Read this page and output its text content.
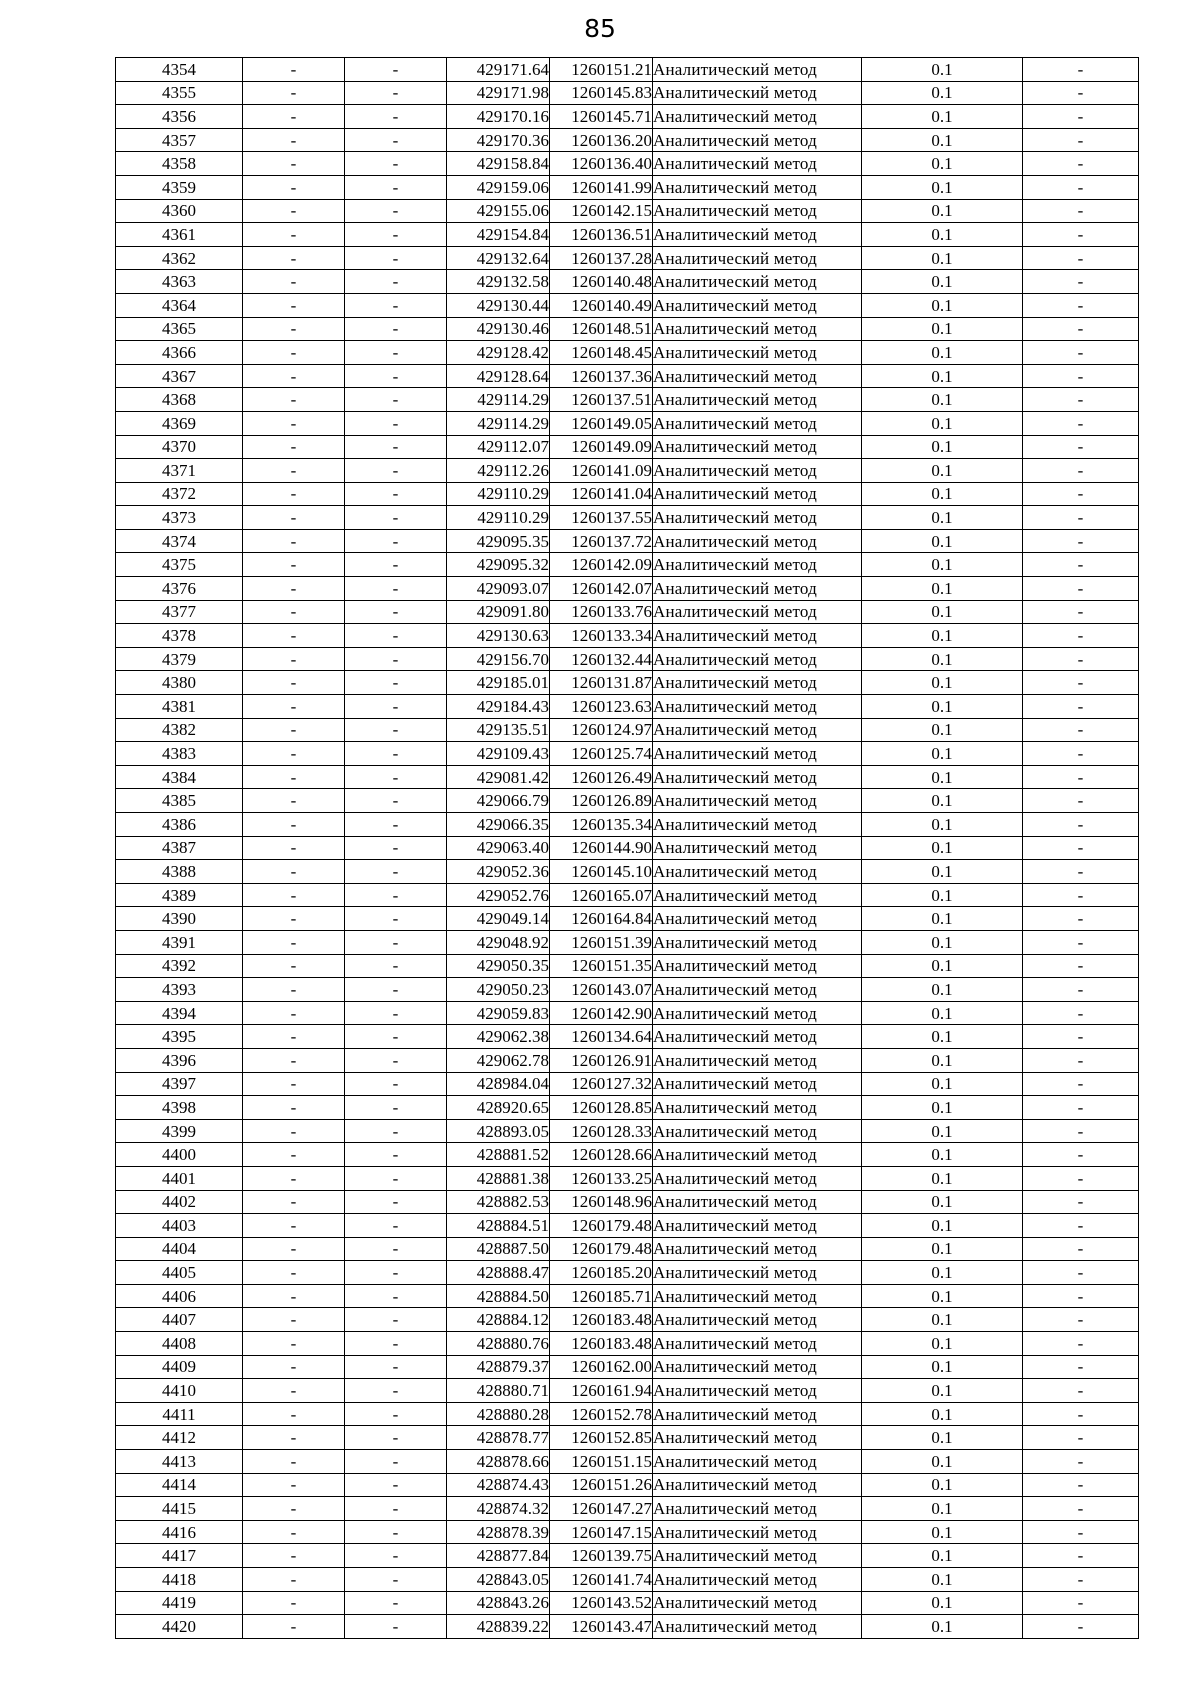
85
4354	-	-	429171.64	1260151.21	Аналитический метод	0.1	-
4355	-	-	429171.98	1260145.83	Аналитический метод	0.1	-
4356	-	-	429170.16	1260145.71	Аналитический метод	0.1	-
4357	-	-	429170.36	1260136.20	Аналитический метод	0.1	-
4358	-	-	429158.84	1260136.40	Аналитический метод	0.1	-
4359	-	-	429159.06	1260141.99	Аналитический метод	0.1	-
4360	-	-	429155.06	1260142.15	Аналитический метод	0.1	-
4361	-	-	429154.84	1260136.51	Аналитический метод	0.1	-
4362	-	-	429132.64	1260137.28	Аналитический метод	0.1	-
4363	-	-	429132.58	1260140.48	Аналитический метод	0.1	-
4364	-	-	429130.44	1260140.49	Аналитический метод	0.1	-
4365	-	-	429130.46	1260148.51	Аналитический метод	0.1	-
4366	-	-	429128.42	1260148.45	Аналитический метод	0.1	-
4367	-	-	429128.64	1260137.36	Аналитический метод	0.1	-
4368	-	-	429114.29	1260137.51	Аналитический метод	0.1	-
4369	-	-	429114.29	1260149.05	Аналитический метод	0.1	-
4370	-	-	429112.07	1260149.09	Аналитический метод	0.1	-
4371	-	-	429112.26	1260141.09	Аналитический метод	0.1	-
4372	-	-	429110.29	1260141.04	Аналитический метод	0.1	-
4373	-	-	429110.29	1260137.55	Аналитический метод	0.1	-
4374	-	-	429095.35	1260137.72	Аналитический метод	0.1	-
4375	-	-	429095.32	1260142.09	Аналитический метод	0.1	-
4376	-	-	429093.07	1260142.07	Аналитический метод	0.1	-
4377	-	-	429091.80	1260133.76	Аналитический метод	0.1	-
4378	-	-	429130.63	1260133.34	Аналитический метод	0.1	-
4379	-	-	429156.70	1260132.44	Аналитический метод	0.1	-
4380	-	-	429185.01	1260131.87	Аналитический метод	0.1	-
4381	-	-	429184.43	1260123.63	Аналитический метод	0.1	-
4382	-	-	429135.51	1260124.97	Аналитический метод	0.1	-
4383	-	-	429109.43	1260125.74	Аналитический метод	0.1	-
4384	-	-	429081.42	1260126.49	Аналитический метод	0.1	-
4385	-	-	429066.79	1260126.89	Аналитический метод	0.1	-
4386	-	-	429066.35	1260135.34	Аналитический метод	0.1	-
4387	-	-	429063.40	1260144.90	Аналитический метод	0.1	-
4388	-	-	429052.36	1260145.10	Аналитический метод	0.1	-
4389	-	-	429052.76	1260165.07	Аналитический метод	0.1	-
4390	-	-	429049.14	1260164.84	Аналитический метод	0.1	-
4391	-	-	429048.92	1260151.39	Аналитический метод	0.1	-
4392	-	-	429050.35	1260151.35	Аналитический метод	0.1	-
4393	-	-	429050.23	1260143.07	Аналитический метод	0.1	-
4394	-	-	429059.83	1260142.90	Аналитический метод	0.1	-
4395	-	-	429062.38	1260134.64	Аналитический метод	0.1	-
4396	-	-	429062.78	1260126.91	Аналитический метод	0.1	-
4397	-	-	428984.04	1260127.32	Аналитический метод	0.1	-
4398	-	-	428920.65	1260128.85	Аналитический метод	0.1	-
4399	-	-	428893.05	1260128.33	Аналитический метод	0.1	-
4400	-	-	428881.52	1260128.66	Аналитический метод	0.1	-
4401	-	-	428881.38	1260133.25	Аналитический метод	0.1	-
4402	-	-	428882.53	1260148.96	Аналитический метод	0.1	-
4403	-	-	428884.51	1260179.48	Аналитический метод	0.1	-
4404	-	-	428887.50	1260179.48	Аналитический метод	0.1	-
4405	-	-	428888.47	1260185.20	Аналитический метод	0.1	-
4406	-	-	428884.50	1260185.71	Аналитический метод	0.1	-
4407	-	-	428884.12	1260183.48	Аналитический метод	0.1	-
4408	-	-	428880.76	1260183.48	Аналитический метод	0.1	-
4409	-	-	428879.37	1260162.00	Аналитический метод	0.1	-
4410	-	-	428880.71	1260161.94	Аналитический метод	0.1	-
4411	-	-	428880.28	1260152.78	Аналитический метод	0.1	-
4412	-	-	428878.77	1260152.85	Аналитический метод	0.1	-
4413	-	-	428878.66	1260151.15	Аналитический метод	0.1	-
4414	-	-	428874.43	1260151.26	Аналитический метод	0.1	-
4415	-	-	428874.32	1260147.27	Аналитический метод	0.1	-
4416	-	-	428878.39	1260147.15	Аналитический метод	0.1	-
4417	-	-	428877.84	1260139.75	Аналитический метод	0.1	-
4418	-	-	428843.05	1260141.74	Аналитический метод	0.1	-
4419	-	-	428843.26	1260143.52	Аналитический метод	0.1	-
4420	-	-	428839.22	1260143.47	Аналитический метод	0.1	-
